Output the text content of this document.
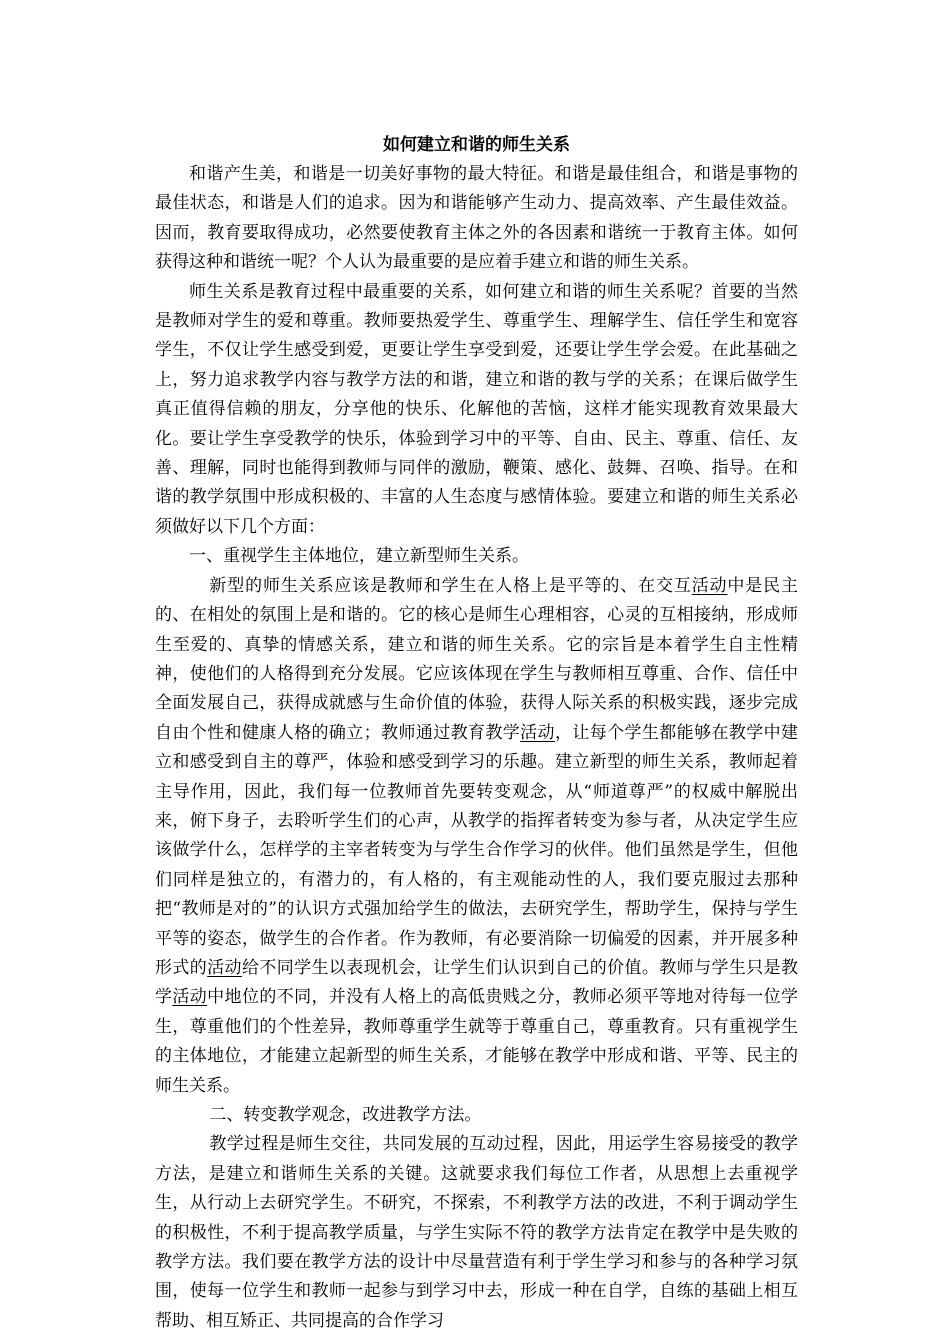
如何建立和谐的师生关系

和谐产生美，和谐是一切美好事物的最大特征。和谐是最佳组合，和谐是事物的最佳状态，和谐是人们的追求。因为和谐能够产生动力、提高效率、产生最佳效益。因而，教育要取得成功，必然要使教育主体之外的各因素和谐统一于教育主体。如何获得这种和谐统一呢？个人认为最重要的是应着手建立和谐的师生关系。

师生关系是教育过程中最重要的关系，如何建立和谐的师生关系呢？首要的当然是教师对学生的爱和尊重。教师要热爱学生、尊重学生、理解学生、信任学生和宽容学生，不仅让学生感受到爱，更要让学生享受到爱，还要让学生学会爱。在此基础之上，努力追求教学内容与教学方法的和谐，建立和谐的教与学的关系；在课后做学生真正值得信赖的朋友，分享他的快乐、化解他的苦恼，这样才能实现教育效果最大化。要让学生享受教学的快乐，体验到学习中的平等、自由、民主、尊重、信任、友善、理解，同时也能得到教师与同伴的激励，鞭策、感化、鼓舞、召唤、指导。在和谐的教学氛围中形成积极的、丰富的人生态度与感情体验。要建立和谐的师生关系必须做好以下几个方面：

一、重视学生主体地位，建立新型师生关系。

新型的师生关系应该是教师和学生在人格上是平等的、在交互活动中是民主的、在相处的氛围上是和谐的。它的核心是师生心理相容，心灵的互相接纳，形成师生至爱的、真挚的情感关系，建立和谐的师生关系。它的宗旨是本着学生自主性精神，使他们的人格得到充分发展。它应该体现在学生与教师相互尊重、合作、信任中全面发展自己，获得成就感与生命价值的体验，获得人际关系的积极实践，逐步完成自由个性和健康人格的确立；教师通过教育教学活动，让每个学生都能够在教学中建立和感受到自主的尊严，体验和感受到学习的乐趣。建立新型的师生关系，教师起着主导作用，因此，我们每一位教师首先要转变观念，从“师道尊严”的权威中解脱出来，俯下身子，去聆听学生们的心声，从教学的指挥者转变为参与者，从决定学生应该做学什么，怎样学的主宰者转变为与学生合作学习的伙伴。他们虽然是学生，但他们同样是独立的，有潜力的，有人格的，有主观能动性的人，我们要克服过去那种把“教师是对的”的认识方式强加给学生的做法，去研究学生，帮助学生，保持与学生平等的姿态，做学生的合作者。作为教师，有必要消除一切偏爱的因素，并开展多种形式的活动给不同学生以表现机会，让学生们认识到自己的价值。教师与学生只是教学活动中地位的不同，并没有人格上的高低贵贱之分，教师必须平等地对待每一位学生，尊重他们的个性差异，教师尊重学生就等于尊重自己，尊重教育。只有重视学生的主体地位，才能建立起新型的师生关系，才能够在教学中形成和谐、平等、民主的师生关系。

二、转变教学观念，改进教学方法。

教学过程是师生交往，共同发展的互动过程，因此，用运学生容易接受的教学方法，是建立和谐师生关系的关键。这就要求我们每位工作者，从思想上去重视学生，从行动上去研究学生。不研究，不探索，不利教学方法的改进，不利于调动学生的积极性，不利于提高教学质量，与学生实际不符的教学方法肯定在教学中是失败的教学方法。我们要在教学方法的设计中尽量营造有利于学生学习和参与的各种学习氛围，使每一位学生和教师一起参与到学习中去，形成一种在自学，自练的基础上相互帮助、相互矫正、共同提高的合作学习
